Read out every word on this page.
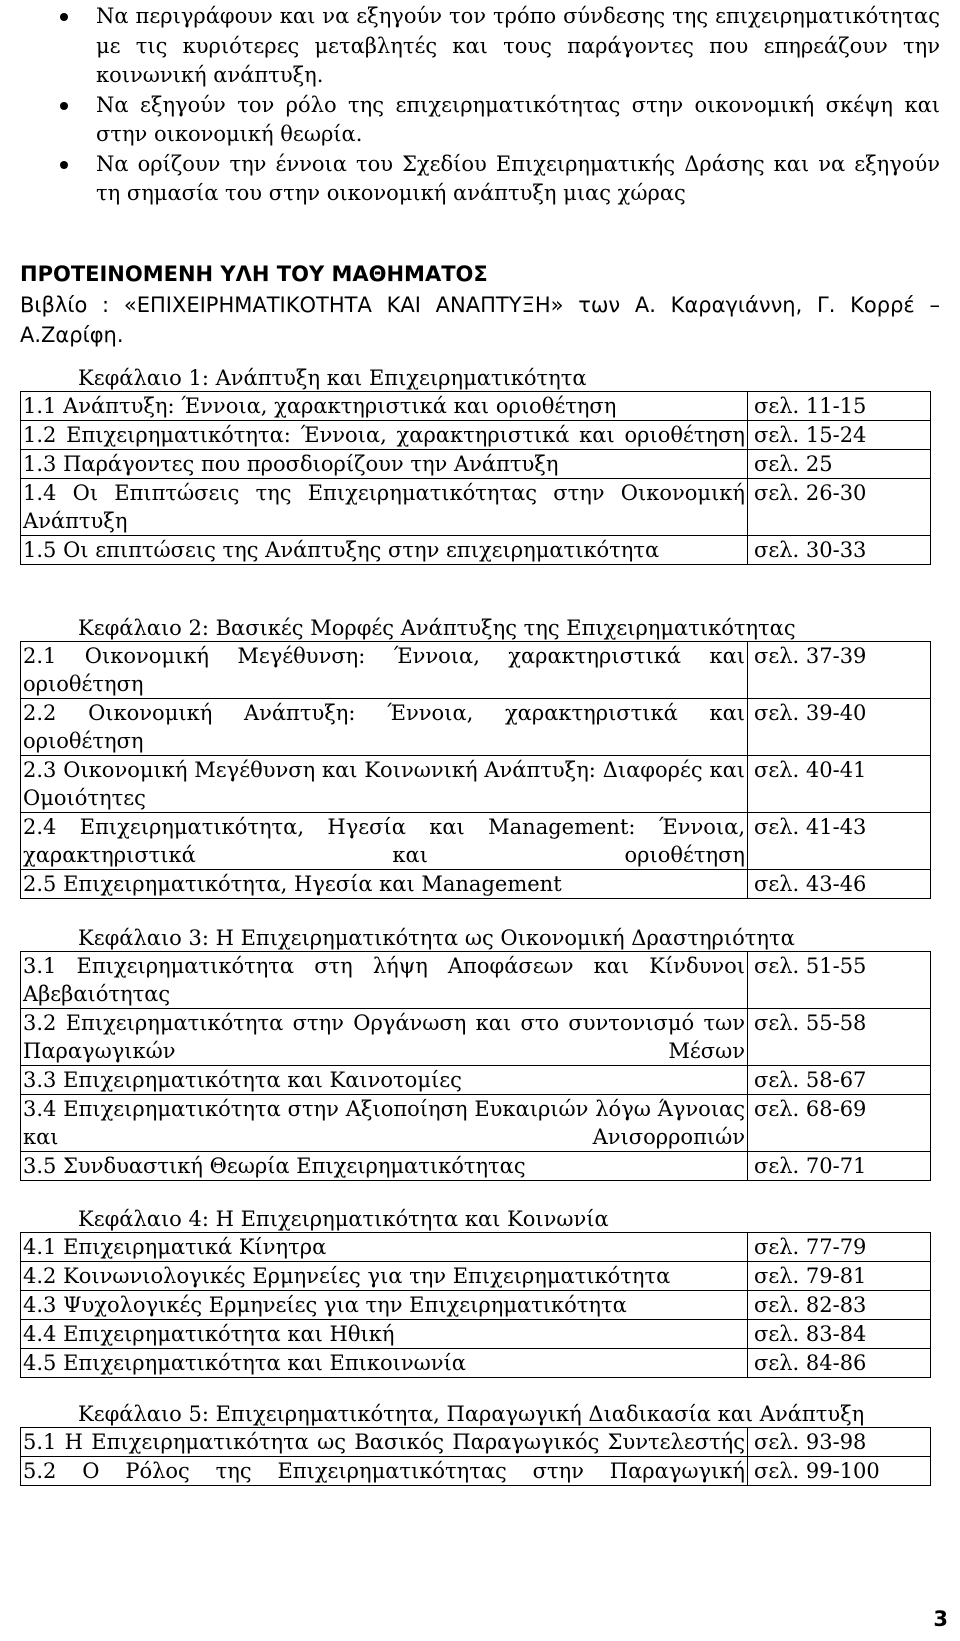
Να περιγράφουν και να εξηγούν τον τρόπο σύνδεσης της επιχειρηματικότητας με τις κυριότερες μεταβλητές και τους παράγοντες που επηρεάζουν την κοινωνική ανάπτυξη.
Να εξηγούν τον ρόλο της επιχειρηματικότητας στην οικονομική σκέψη και στην οικονομική θεωρία.
Να ορίζουν την έννοια του Σχεδίου Επιχειρηματικής Δράσης και να εξηγούν τη σημασία του στην οικονομική ανάπτυξη μιας χώρας
ΠΡΟΤΕΙΝΟΜΕΝΗ ΥΛΗ ΤΟΥ ΜΑΘΗΜΑΤΟΣ
Βιβλίο : «ΕΠΙΧΕΙΡΗΜΑΤΙΚΟΤΗΤΑ ΚΑΙ ΑΝΑΠΤΥΞΗ» των Α. Καραγιάννη, Γ. Κορρέ – Α.Ζαρίφη.
Κεφάλαιο 1: Ανάπτυξη και Επιχειρηματικότητα
1.1 Ανάπτυξη: Έννοια, χαρακτηριστικά και οριοθέτηση	σελ. 11-15
1.2 Επιχειρηματικότητα: Έννοια, χαρακτηριστικά και οριοθέτηση	σελ. 15-24
1.3 Παράγοντες που προσδιορίζουν την Ανάπτυξη	σελ. 25
1.4 Οι Επιπτώσεις της Επιχειρηματικότητας στην Οικονομική Ανάπτυξη	σελ. 26-30
1.5 Οι επιπτώσεις της Ανάπτυξης στην επιχειρηματικότητα	σελ. 30-33
Κεφάλαιο 2: Βασικές Μορφές Ανάπτυξης της Επιχειρηματικότητας
2.1 Οικονομική Μεγέθυνση: Έννοια, χαρακτηριστικά και οριοθέτηση	σελ. 37-39
2.2 Οικονομική Ανάπτυξη: Έννοια, χαρακτηριστικά και οριοθέτηση	σελ. 39-40
2.3 Οικονομική Μεγέθυνση και Κοινωνική Ανάπτυξη: Διαφορές και Ομοιότητες	σελ. 40-41
2.4 Επιχειρηματικότητα, Ηγεσία και Management: Έννοια, χαρακτηριστικά και οριοθέτηση	σελ. 41-43
2.5 Επιχειρηματικότητα, Ηγεσία και Management	σελ. 43-46
Κεφάλαιο 3: Η Επιχειρηματικότητα ως Οικονομική Δραστηριότητα
3.1 Επιχειρηματικότητα στη λήψη Αποφάσεων και Κίνδυνοι Αβεβαιότητας	σελ. 51-55
3.2 Επιχειρηματικότητα στην Οργάνωση και στο συντονισμό των Παραγωγικών Μέσων	σελ. 55-58
3.3 Επιχειρηματικότητα και Καινοτομίες	σελ. 58-67
3.4 Επιχειρηματικότητα στην Αξιοποίηση Ευκαιριών λόγω Άγνοιας και Ανισορροπιών	σελ. 68-69
3.5 Συνδυαστική Θεωρία Επιχειρηματικότητας	σελ. 70-71
Κεφάλαιο 4: Η Επιχειρηματικότητα και Κοινωνία
4.1 Επιχειρηματικά Κίνητρα	σελ. 77-79
4.2 Κοινωνιολογικές Ερμηνείες για την Επιχειρηματικότητα	σελ. 79-81
4.3 Ψυχολογικές Ερμηνείες για την Επιχειρηματικότητα	σελ. 82-83
4.4 Επιχειρηματικότητα και Ηθική	σελ. 83-84
4.5 Επιχειρηματικότητα και Επικοινωνία	σελ. 84-86
Κεφάλαιο 5: Επιχειρηματικότητα, Παραγωγική Διαδικασία και Ανάπτυξη
5.1 Η Επιχειρηματικότητα ως Βασικός Παραγωγικός Συντελεστής	σελ. 93-98
5.2 Ο Ρόλος της Επιχειρηματικότητας στην Παραγωγική	σελ. 99-100
3
